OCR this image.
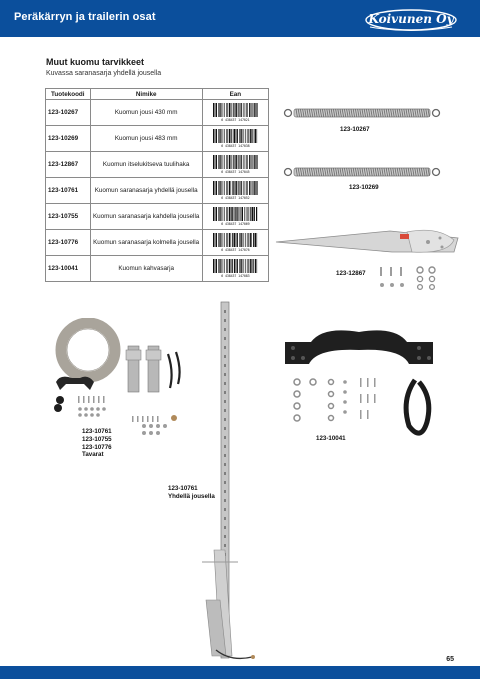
Peräkärryn ja trailerin osat	Koivunen Oy
Muut kuomu tarvikkeet
Kuvassa saranasarja yhdellä jousella
Tuotekoodi	Nimike	Ean
123-10267	Kuomun jousi 430 mm	6 438437 147021

123-10269	Kuomun jousi 483 mm	6 438437 147038

123-12867	Kuomun itselukitseva tuulihaka	6 438437 147045

123-10761	Kuomun saranasarja yhdellä jousella	6 438437 147052

123-10755	Kuomun saranasarja kahdella jousella	6 438437 147069

123-10776	Kuomun saranasarja kolmella jousella	6 438437 147076

123-10041	Kuomun kahvasarja	6 438437 147083
123-10267
123-10269
123-12867
123-10761
123-10755
123-10776
Tavarat
123-10761
Yhdellä jousella
123-10041
65
